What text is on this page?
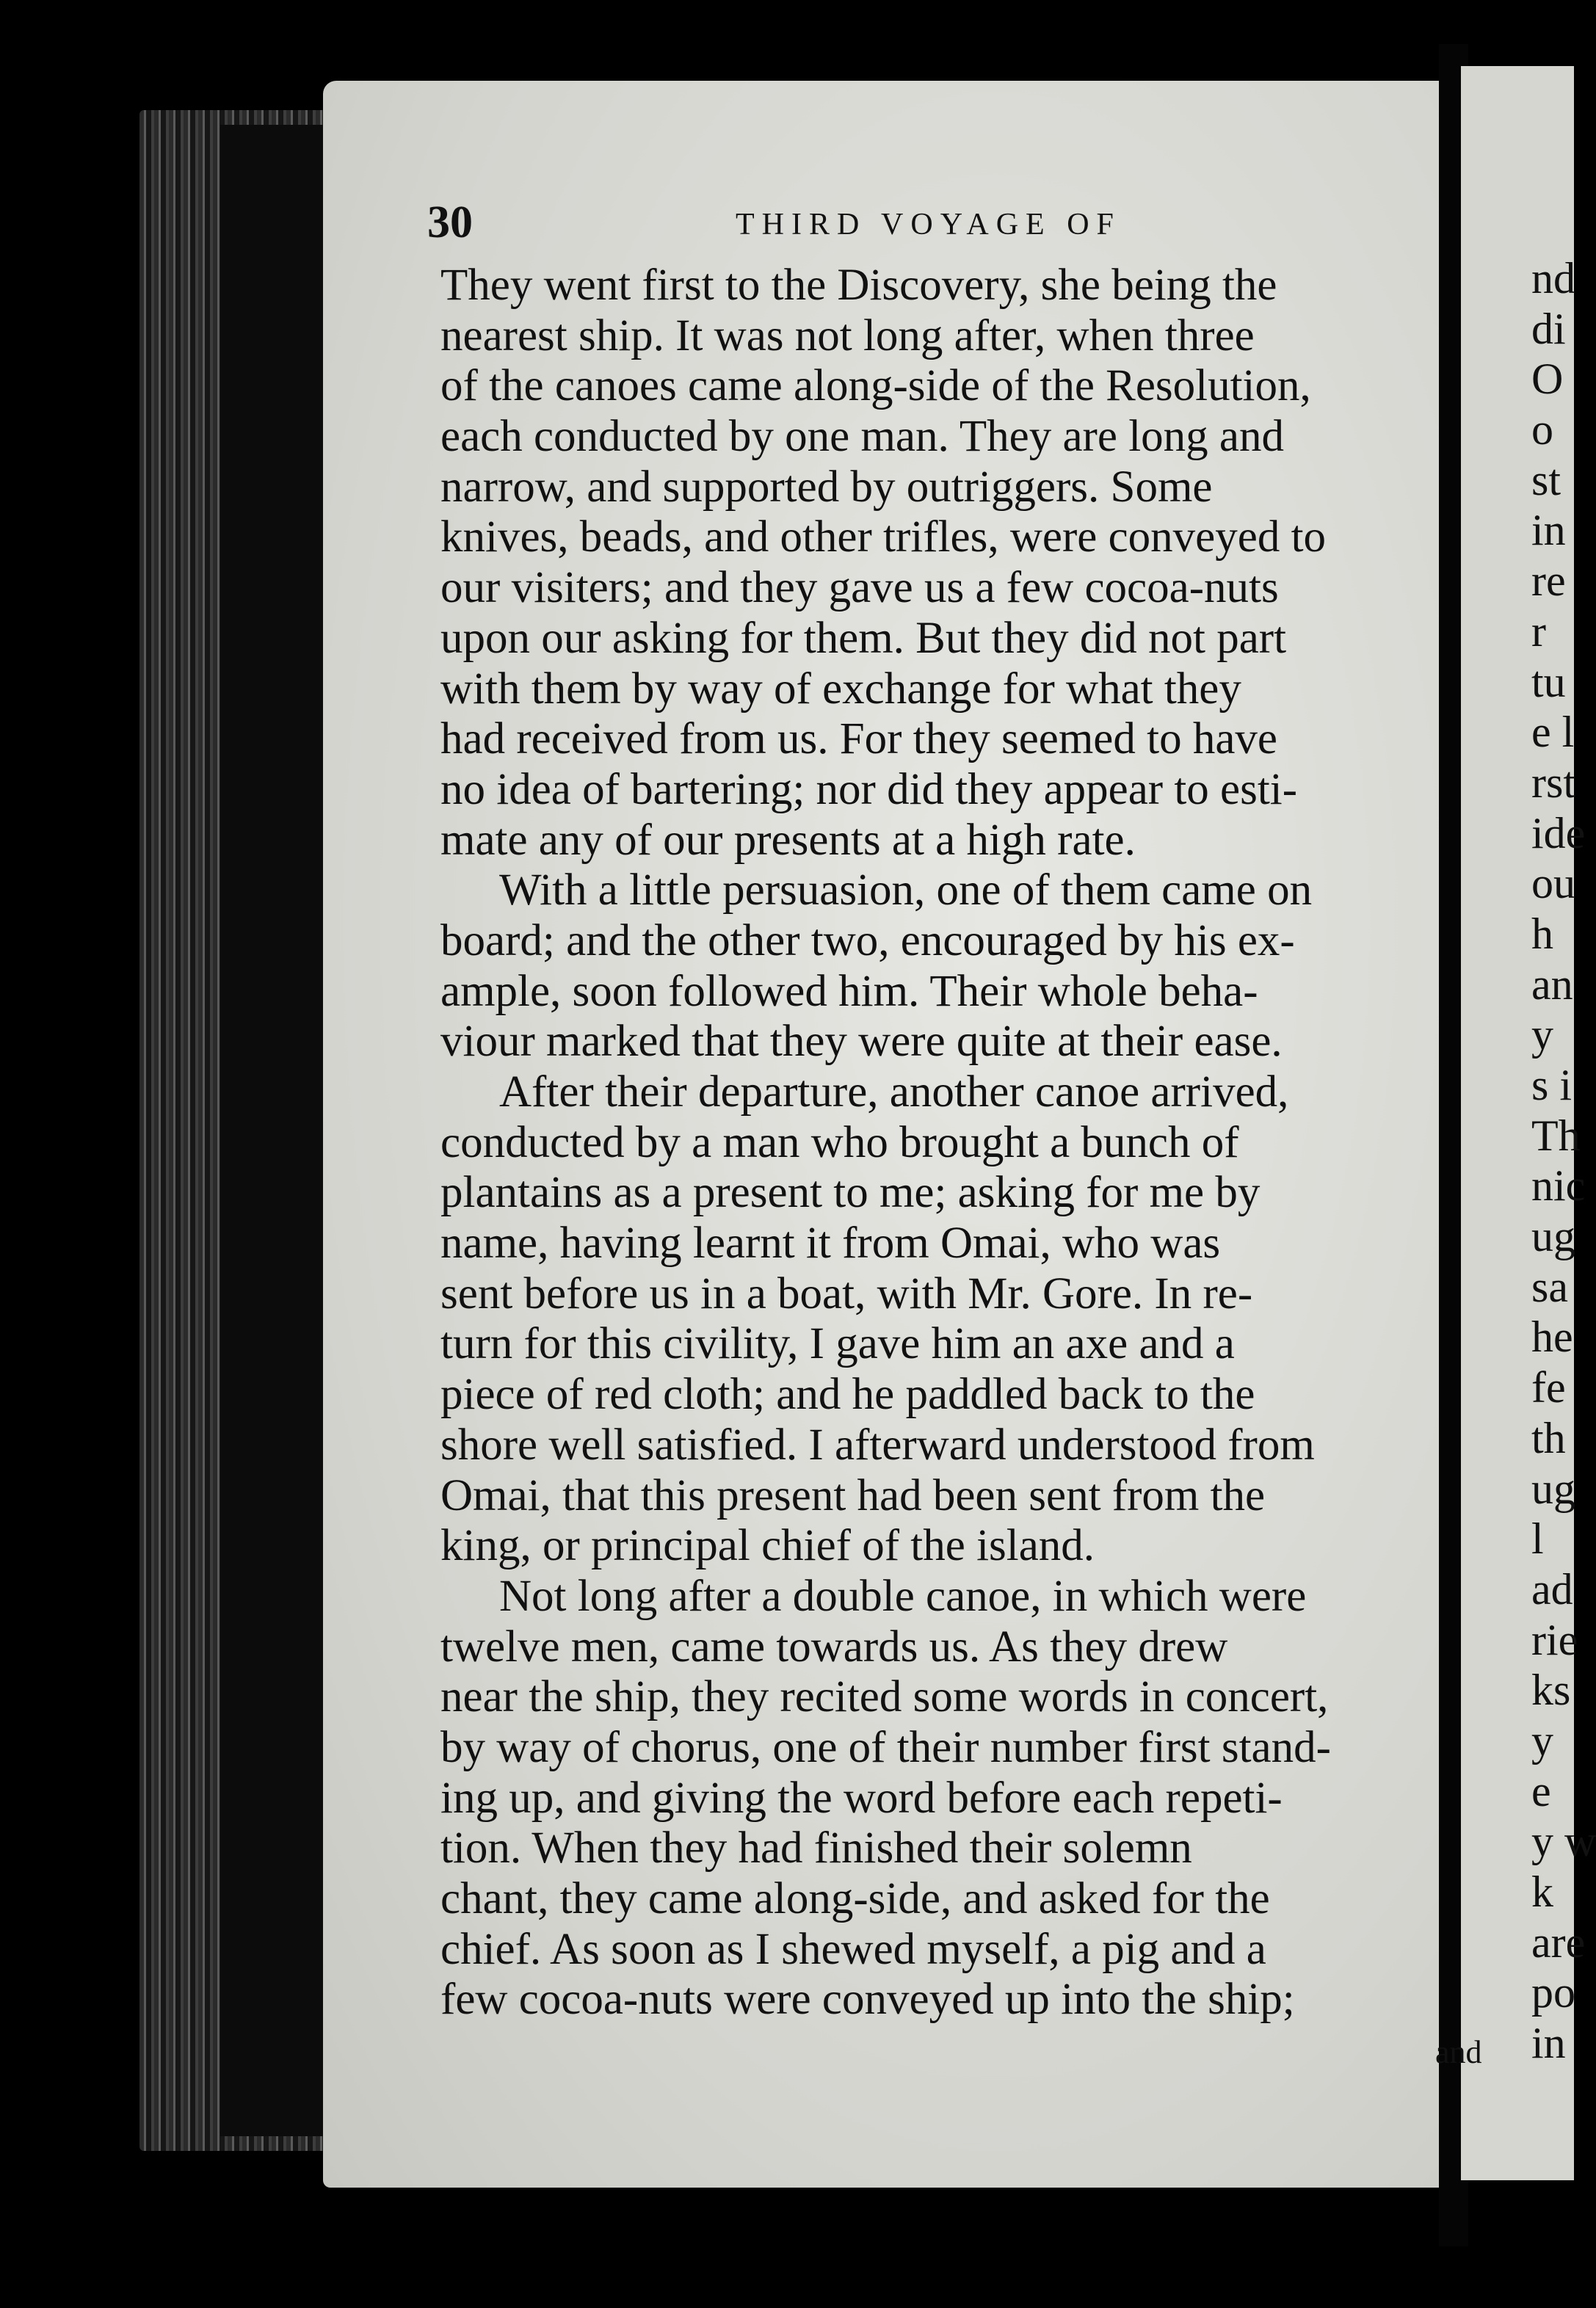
30	THIRD VOYAGE OF
They went first to the Discovery, she being the
nearest ship. It was not long after, when three
of the canoes came along-side of the Resolution,
each conducted by one man. They are long and
narrow, and supported by outriggers. Some
knives, beads, and other trifles, were conveyed to
our visiters; and they gave us a few cocoa-nuts
upon our asking for them. But they did not part
with them by way of exchange for what they
had received from us. For they seemed to have
no idea of bartering; nor did they appear to esti-
mate any of our presents at a high rate.
With a little persuasion, one of them came on
board; and the other two, encouraged by his ex-
ample, soon followed him. Their whole beha-
viour marked that they were quite at their ease.
After their departure, another canoe arrived,
conducted by a man who brought a bunch of
plantains as a present to me; asking for me by
name, having learnt it from Omai, who was
sent before us in a boat, with Mr. Gore. In re-
turn for this civility, I gave him an axe and a
piece of red cloth; and he paddled back to the
shore well satisfied. I afterward understood from
Omai, that this present had been sent from the
king, or principal chief of the island.
Not long after a double canoe, in which were
twelve men, came towards us. As they drew
near the ship, they recited some words in concert,
by way of chorus, one of their number first stand-
ing up, and giving the word before each repeti-
tion. When they had finished their solemn
chant, they came along-side, and asked for the
chief. As soon as I shewed myself, a pig and a
few cocoa-nuts were conveyed up into the ship;
and
nd
di
O
o
st
in
re
r
tu
e l
rst
ide
ou
h
an
y
s i
Th
nic
ug
sa
he
fe
th
ug
l
ad
rie
ks
y
e
y w
k
are
po
in
